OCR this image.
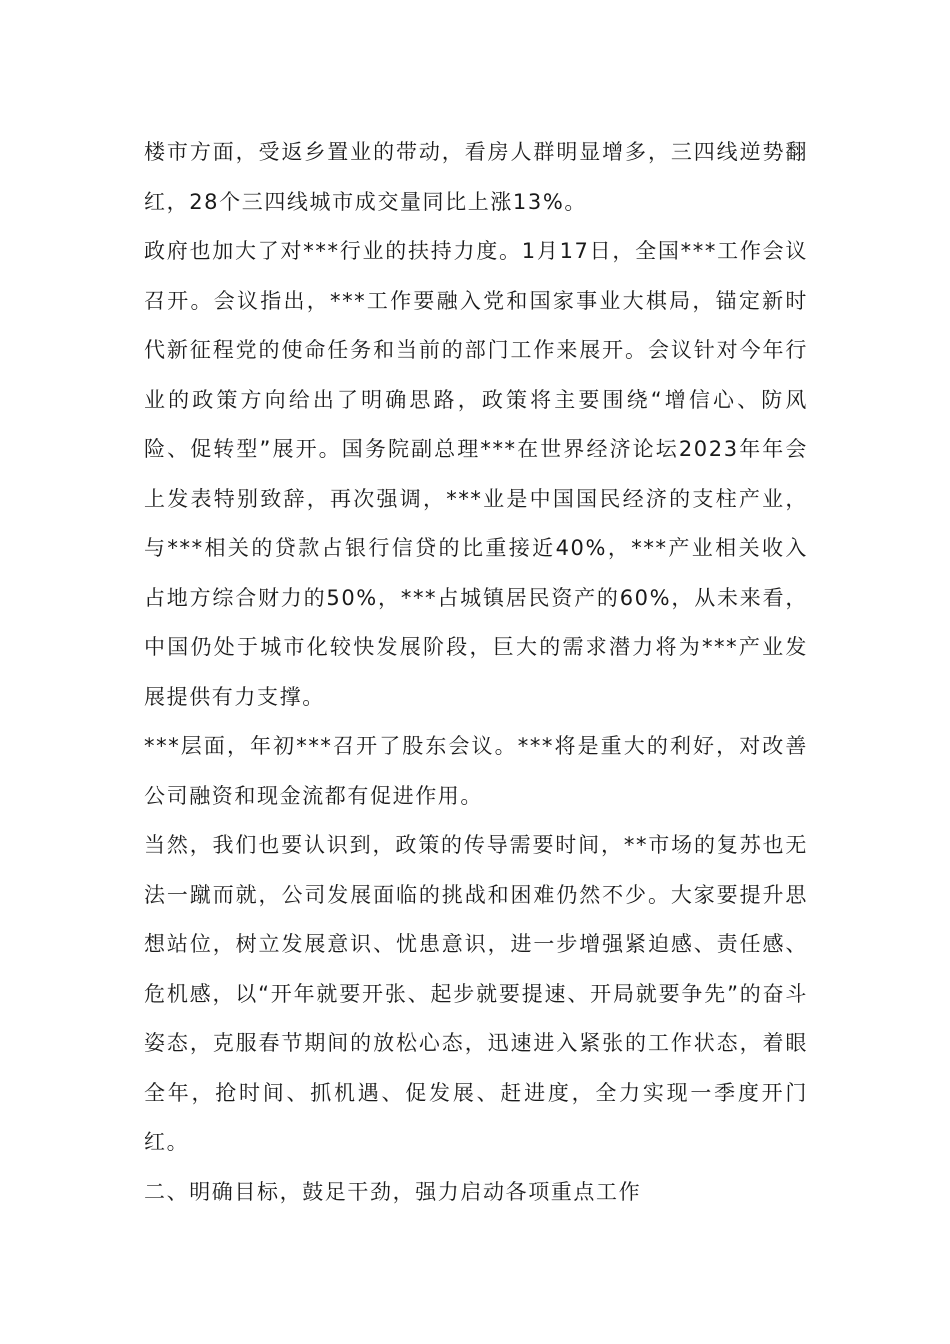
楼市方面，受返乡置业的带动，看房人群明显增多，三四线逆势翻红，28个三四线城市成交量同比上涨13%。

政府也加大了对***行业的扶持力度。1月17日，全国***工作会议召开。会议指出，***工作要融入党和国家事业大棋局，锚定新时代新征程党的使命任务和当前的部门工作来展开。会议针对今年行业的政策方向给出了明确思路，政策将主要围绕“增信心、防风险、促转型”展开。国务院副总理***在世界经济论坛2023年年会上发表特别致辞，再次强调，***业是中国国民经济的支柱产业，与***相关的贷款占银行信贷的比重接近40%，***产业相关收入占地方综合财力的50%，***占城镇居民资产的60%，从未来看，中国仍处于城市化较快发展阶段，巨大的需求潜力将为***产业发展提供有力支撑。

***层面，年初***召开了股东会议。***将是重大的利好，对改善公司融资和现金流都有促进作用。

当然，我们也要认识到，政策的传导需要时间，**市场的复苏也无法一蹴而就，公司发展面临的挑战和困难仍然不少。大家要提升思想站位，树立发展意识、忧患意识，进一步增强紧迫感、责任感、危机感，以“开年就要开张、起步就要提速、开局就要争先”的奋斗姿态，克服春节期间的放松心态，迅速进入紧张的工作状态，着眼全年，抢时间、抓机遇、促发展、赶进度，全力实现一季度开门红。

二、明确目标，鼓足干劲，强力启动各项重点工作
